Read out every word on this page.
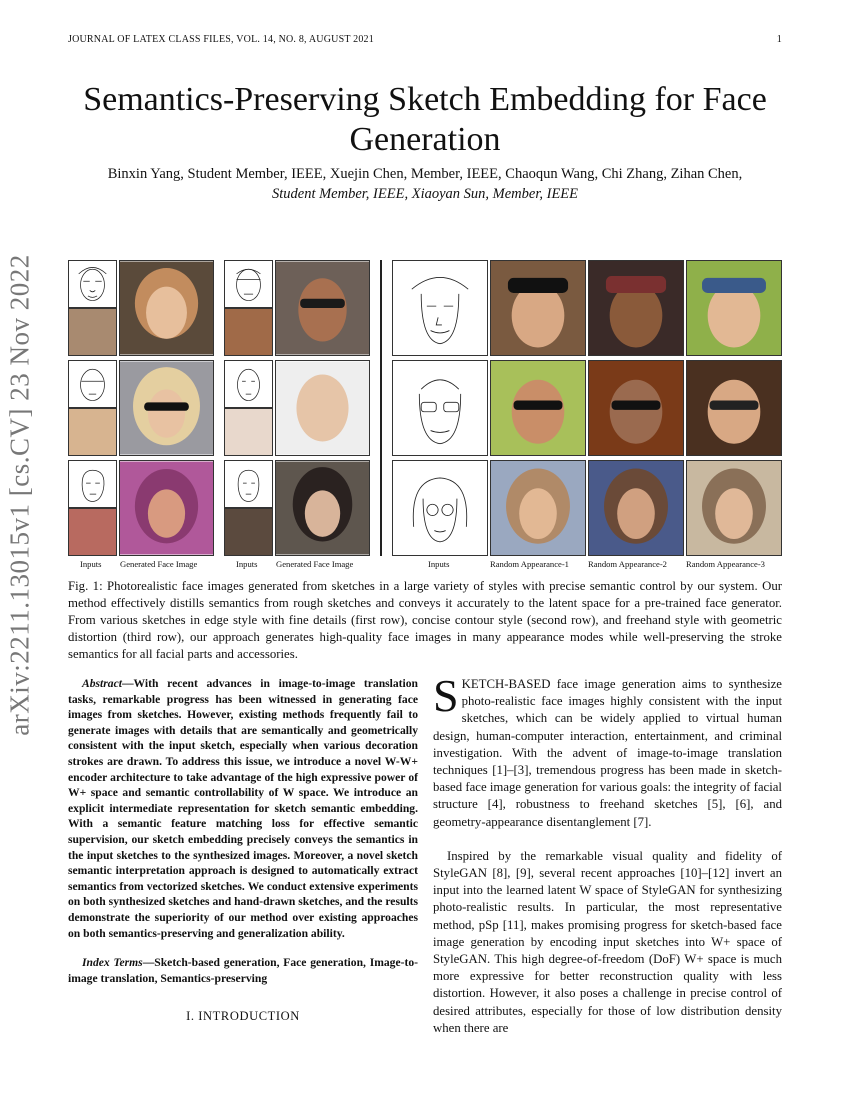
JOURNAL OF LATEX CLASS FILES, VOL. 14, NO. 8, AUGUST 2021	1
arXiv:2211.13015v1 [cs.CV] 23 Nov 2022
Semantics-Preserving Sketch Embedding for Face Generation
Binxin Yang, Student Member, IEEE, Xuejin Chen, Member, IEEE, Chaoqun Wang, Chi Zhang, Zihan Chen,
Student Member, IEEE, Xiaoyan Sun, Member, IEEE
Inputs Generated Face Image	Inputs Generated Face Image	Inputs	Random Appearance-1 Random Appearance-2 Random Appearance-3
Fig. 1: Photorealistic face images generated from sketches in a large variety of styles with precise semantic control by our system. Our method effectively distills semantics from rough sketches and conveys it accurately to the latent space for a pre-trained face generator. From various sketches in edge style with fine details (first row), concise contour style (second row), and freehand style with geometric distortion (third row), our approach generates high-quality face images in many appearance modes while well-preserving the stroke semantics for all facial parts and accessories.
Abstract—With recent advances in image-to-image translation tasks, remarkable progress has been witnessed in generating face images from sketches. However, existing methods frequently fail to generate images with details that are semantically and geometrically consistent with the input sketch, especially when various decoration strokes are drawn. To address this issue, we introduce a novel W-W+ encoder architecture to take advantage of the high expressive power of W+ space and semantic controllability of W space. We introduce an explicit intermediate representation for sketch semantic embedding. With a semantic feature matching loss for effective semantic supervision, our sketch embedding precisely conveys the semantics in the input sketches to the synthesized images. Moreover, a novel sketch semantic interpretation approach is designed to automatically extract semantics from vectorized sketches. We conduct extensive experiments on both synthesized sketches and hand-drawn sketches, and the results demonstrate the superiority of our method over existing approaches on both semantics-preserving and generalization ability.
Index Terms—Sketch-based generation, Face generation, Image-to-image translation, Semantics-preserving
I. INTRODUCTION
SKETCH-BASED face image generation aims to synthesize photo-realistic face images highly consistent with the input sketches, which can be widely applied to virtual human design, human-computer interaction, entertainment, and criminal investigation. With the advent of image-to-image translation techniques [1]–[3], tremendous progress has been made in sketch-based face image generation for various goals: the integrity of facial structure [4], robustness to freehand sketches [5], [6], and geometry-appearance disentanglement [7].
Inspired by the remarkable visual quality and fidelity of StyleGAN [8], [9], several recent approaches [10]–[12] invert an input into the learned latent W space of StyleGAN for synthesizing photo-realistic results. In particular, the most representative method, pSp [11], makes promising progress for sketch-based face image generation by encoding input sketches into W+ space of StyleGAN. This high degree-of-freedom (DoF) W+ space is much more expressive for better reconstruction quality with less distortion. However, it also poses a challenge in precise control of desired attributes, especially for those of low distribution density when there are
